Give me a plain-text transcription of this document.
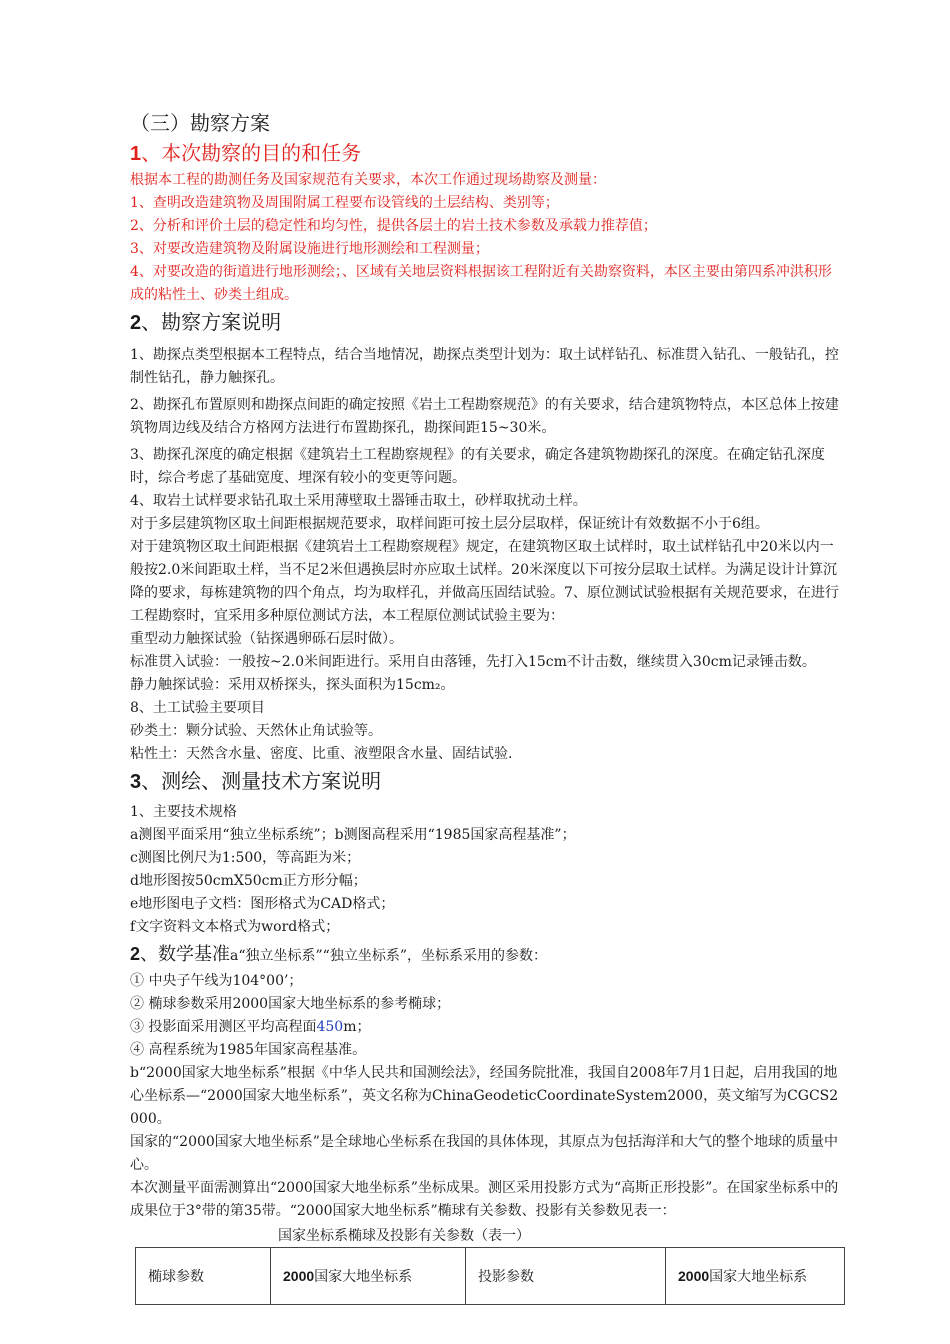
（三）勘察方案

1、本次勘察的目的和任务

根据本工程的勘测任务及国家规范有关要求，本次工作通过现场勘察及测量：

1、查明改造建筑物及周围附属工程要布设管线的土层结构、类别等；

2、分析和评价土层的稳定性和均匀性，提供各层土的岩土技术参数及承载力推荐值；

3、对要改造建筑物及附属设施进行地形测绘和工程测量；

4、对要改造的街道进行地形测绘；、区域有关地层资料根据该工程附近有关勘察资料，本区主要由第四系冲洪积形成的粘性土、砂类土组成。

2、勘察方案说明

1、勘探点类型根据本工程特点，结合当地情况，勘探点类型计划为：取土试样钻孔、标准贯入钻孔、一般钻孔，控制性钻孔，静力触探孔。

2、勘探孔布置原则和勘探点间距的确定按照《岩土工程勘察规范》的有关要求，结合建筑物特点，本区总体上按建筑物周边线及结合方格网方法进行布置勘探孔，勘探间距15~30米。

3、勘探孔深度的确定根据《建筑岩土工程勘察规程》的有关要求，确定各建筑物勘探孔的深度。在确定钻孔深度时，综合考虑了基础宽度、埋深有较小的变更等问题。

4、取岩土试样要求钻孔取土采用薄壁取土器锤击取土，砂样取扰动土样。

对于多层建筑物区取土间距根据规范要求，取样间距可按土层分层取样，保证统计有效数据不小于6组。

对于建筑物区取土间距根据《建筑岩土工程勘察规程》规定，在建筑物区取土试样时，取土试样钻孔中20米以内一般按2.0米间距取土样，当不足2米但遇换层时亦应取土试样。20米深度以下可按分层取土试样。为满足设计计算沉降的要求，每栋建筑物的四个角点，均为取样孔，并做高压固结试验。7、原位测试试验根据有关规范要求，在进行工程勘察时，宜采用多种原位测试方法，本工程原位测试试验主要为：

重型动力触探试验（钻探遇卵砾石层时做）。

标准贯入试验：一般按~2.0米间距进行。采用自由落锤，先打入15cm不计击数，继续贯入30cm记录锤击数。

静力触探试验：采用双桥探头，探头面积为15cm₂。

8、土工试验主要项目

砂类土：颗分试验、天然休止角试验等。

粘性土：天然含水量、密度、比重、液塑限含水量、固结试验.

3、测绘、测量技术方案说明

1、主要技术规格

a测图平面采用“独立坐标系统”；b测图高程采用“1985国家高程基准”；

c测图比例尺为1:500，等高距为米；

d地形图按50cmX50cm正方形分幅；

e地形图电子文档：图形格式为CAD格式；

f文字资料文本格式为word格式；

2、数学基准a“独立坐标系”“独立坐标系”，坐标系采用的参数：

① 中央子午线为104°00’；

② 椭球参数采用2000国家大地坐标系的参考椭球；

③ 投影面采用测区平均高程面450m；

④ 高程系统为1985年国家高程基准。

b“2000国家大地坐标系”根据《中华人民共和国测绘法》，经国务院批准，我国自2008年7月1日起，启用我国的地心坐标系—“2000国家大地坐标系”，英文名称为ChinaGeodeticCoordinateSystem2000，英文缩写为CGCS2000。

国家的“2000国家大地坐标系”是全球地心坐标系在我国的具体体现，其原点为包括海洋和大气的整个地球的质量中心。

本次测量平面需测算出“2000国家大地坐标系”坐标成果。测区采用投影方式为“高斯正形投影”。在国家坐标系中的成果位于3°带的第35带。“2000国家大地坐标系”椭球有关参数、投影有关参数见表一：

国家坐标系椭球及投影有关参数（表一）

椭球参数	2000国家大地坐标系	投影参数	2000国家大地坐标系
